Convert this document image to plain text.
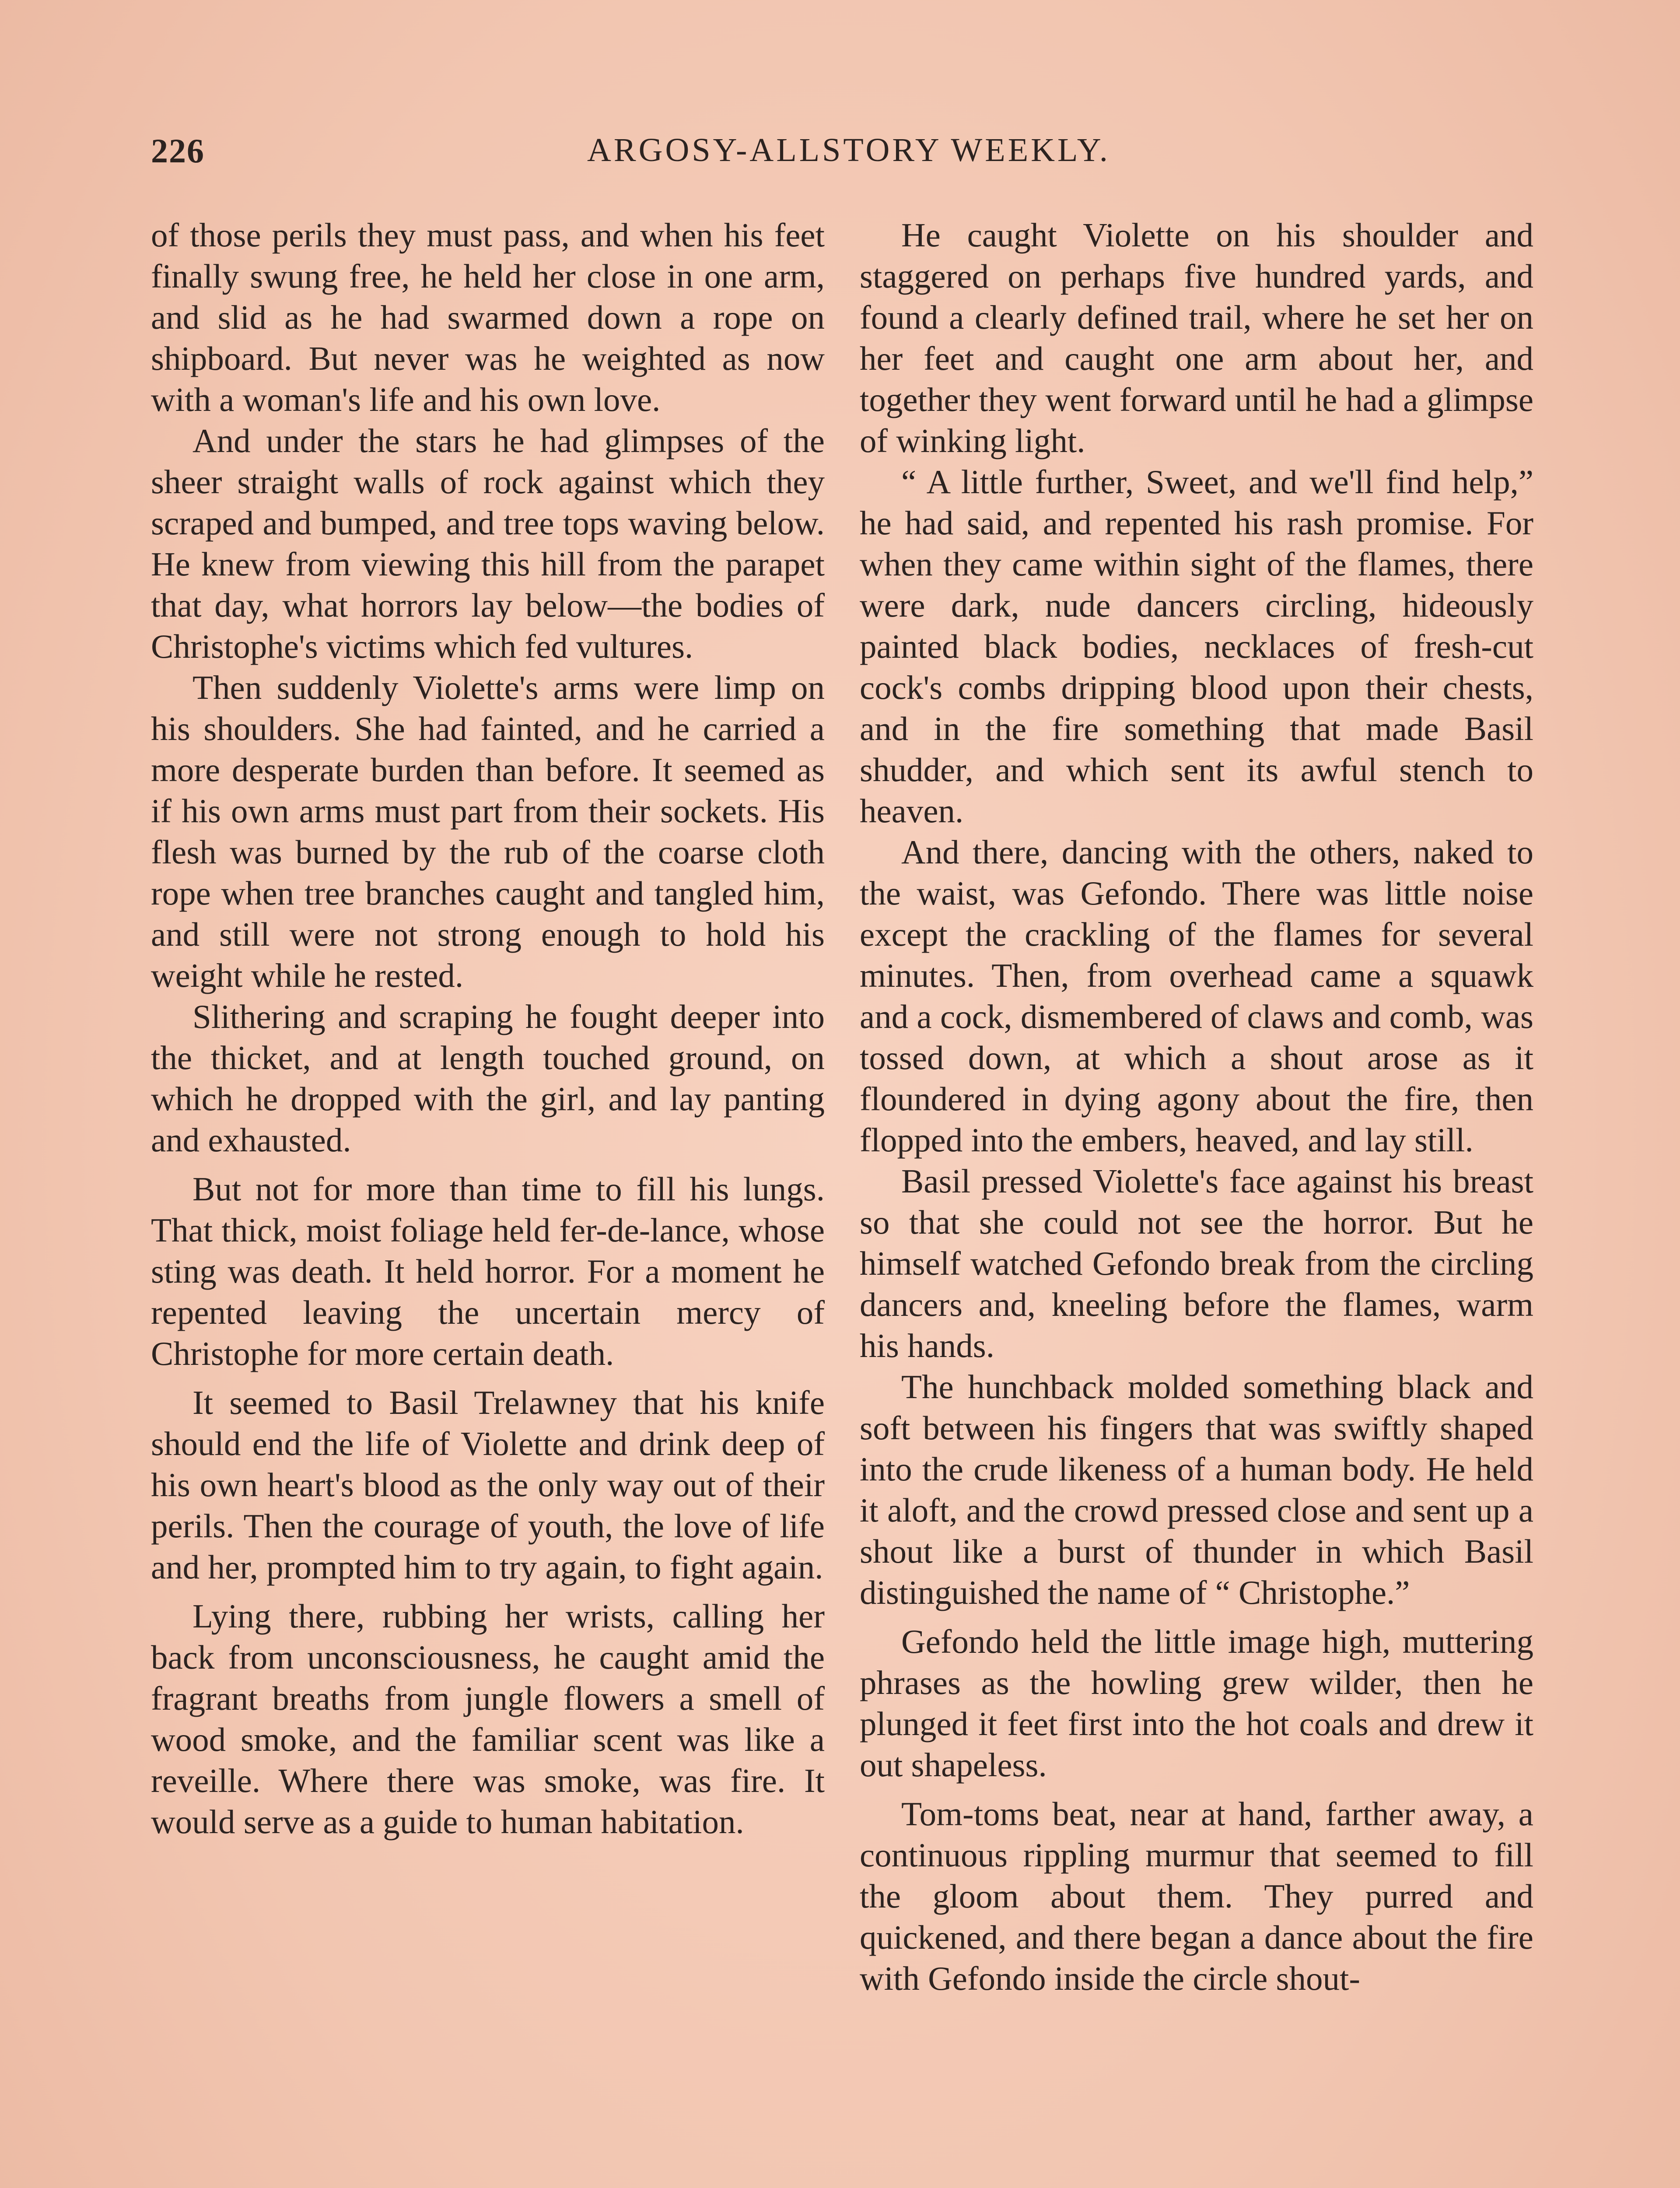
226	ARGOSY-ALLSTORY WEEKLY.

of those perils they must pass, and when his feet finally swung free, he held her close in one arm, and slid as he had swarmed down a rope on shipboard. But never was he weighted as now with a woman's life and his own love.

And under the stars he had glimpses of the sheer straight walls of rock against which they scraped and bumped, and tree tops waving below. He knew from viewing this hill from the parapet that day, what horrors lay below—the bodies of Christophe's victims which fed vultures.

Then suddenly Violette's arms were limp on his shoulders. She had fainted, and he carried a more desperate burden than before. It seemed as if his own arms must part from their sockets. His flesh was burned by the rub of the coarse cloth rope when tree branches caught and tangled him, and still were not strong enough to hold his weight while he rested.

Slithering and scraping he fought deeper into the thicket, and at length touched ground, on which he dropped with the girl, and lay panting and exhausted.

But not for more than time to fill his lungs. That thick, moist foliage held fer-de-lance, whose sting was death. It held horror. For a moment he repented leaving the uncertain mercy of Christophe for more certain death.

It seemed to Basil Trelawney that his knife should end the life of Violette and drink deep of his own heart's blood as the only way out of their perils. Then the courage of youth, the love of life and her, prompted him to try again, to fight again.

Lying there, rubbing her wrists, calling her back from unconsciousness, he caught amid the fragrant breaths from jungle flowers a smell of wood smoke, and the familiar scent was like a reveille. Where there was smoke, was fire. It would serve as a guide to human habitation.

He caught Violette on his shoulder and staggered on perhaps five hundred yards, and found a clearly defined trail, where he set her on her feet and caught one arm about her, and together they went forward until he had a glimpse of winking light.

“ A little further, Sweet, and we'll find help,” he had said, and repented his rash promise. For when they came within sight of the flames, there were dark, nude dancers circling, hideously painted black bodies, necklaces of fresh-cut cock's combs dripping blood upon their chests, and in the fire something that made Basil shudder, and which sent its awful stench to heaven.

And there, dancing with the others, naked to the waist, was Gefondo. There was little noise except the crackling of the flames for several minutes. Then, from overhead came a squawk and a cock, dismembered of claws and comb, was tossed down, at which a shout arose as it floundered in dying agony about the fire, then flopped into the embers, heaved, and lay still.

Basil pressed Violette's face against his breast so that she could not see the horror. But he himself watched Gefondo break from the circling dancers and, kneeling before the flames, warm his hands.

The hunchback molded something black and soft between his fingers that was swiftly shaped into the crude likeness of a human body. He held it aloft, and the crowd pressed close and sent up a shout like a burst of thunder in which Basil distinguished the name of “ Christophe.”

Gefondo held the little image high, muttering phrases as the howling grew wilder, then he plunged it feet first into the hot coals and drew it out shapeless.

Tom-toms beat, near at hand, farther away, a continuous rippling murmur that seemed to fill the gloom about them. They purred and quickened, and there began a dance about the fire with Gefondo inside the circle shout-
